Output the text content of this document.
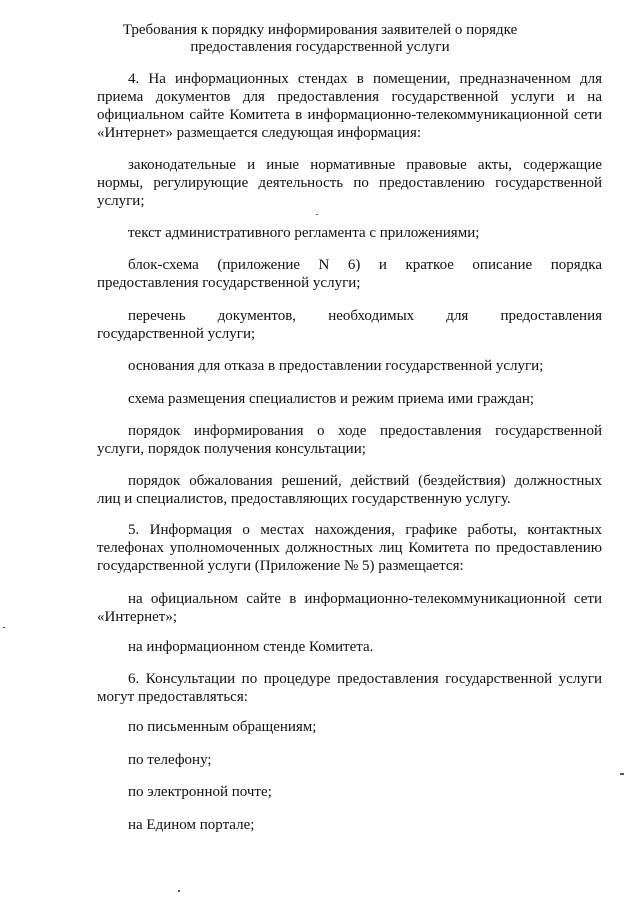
Требования к порядку информирования заявителей о порядке
предоставления государственной услуги
4. На информационных стендах в помещении, предназначенном для
приема документов для предоставления государственной услуги и на
официальном сайте Комитета в информационно-телекоммуникационной сети
«Интернет» размещается следующая информация:
законодательные и иные нормативные правовые акты, содержащие
нормы, регулирующие деятельность по предоставлению государственной
услуги;
текст административного регламента с приложениями;
блок-схема (приложение N 6) и краткое описание порядка
предоставления государственной услуги;
перечень документов, необходимых для предоставления
государственной услуги;
основания для отказа в предоставлении государственной услуги;
схема размещения специалистов и режим приема ими граждан;
порядок информирования о ходе предоставления государственной
услуги, порядок получения консультации;
порядок обжалования решений, действий (бездействия) должностных
лиц и специалистов, предоставляющих государственную услугу.
5. Информация о местах нахождения, графике работы, контактных
телефонах уполномоченных должностных лиц Комитета по предоставлению
государственной услуги (Приложение № 5) размещается:
на официальном сайте в информационно-телекоммуникационной сети
«Интернет»;
на информационном стенде Комитета.
6. Консультации по процедуре предоставления государственной услуги
могут предоставляться:
по письменным обращениям;
по телефону;
по электронной почте;
на Едином портале;
